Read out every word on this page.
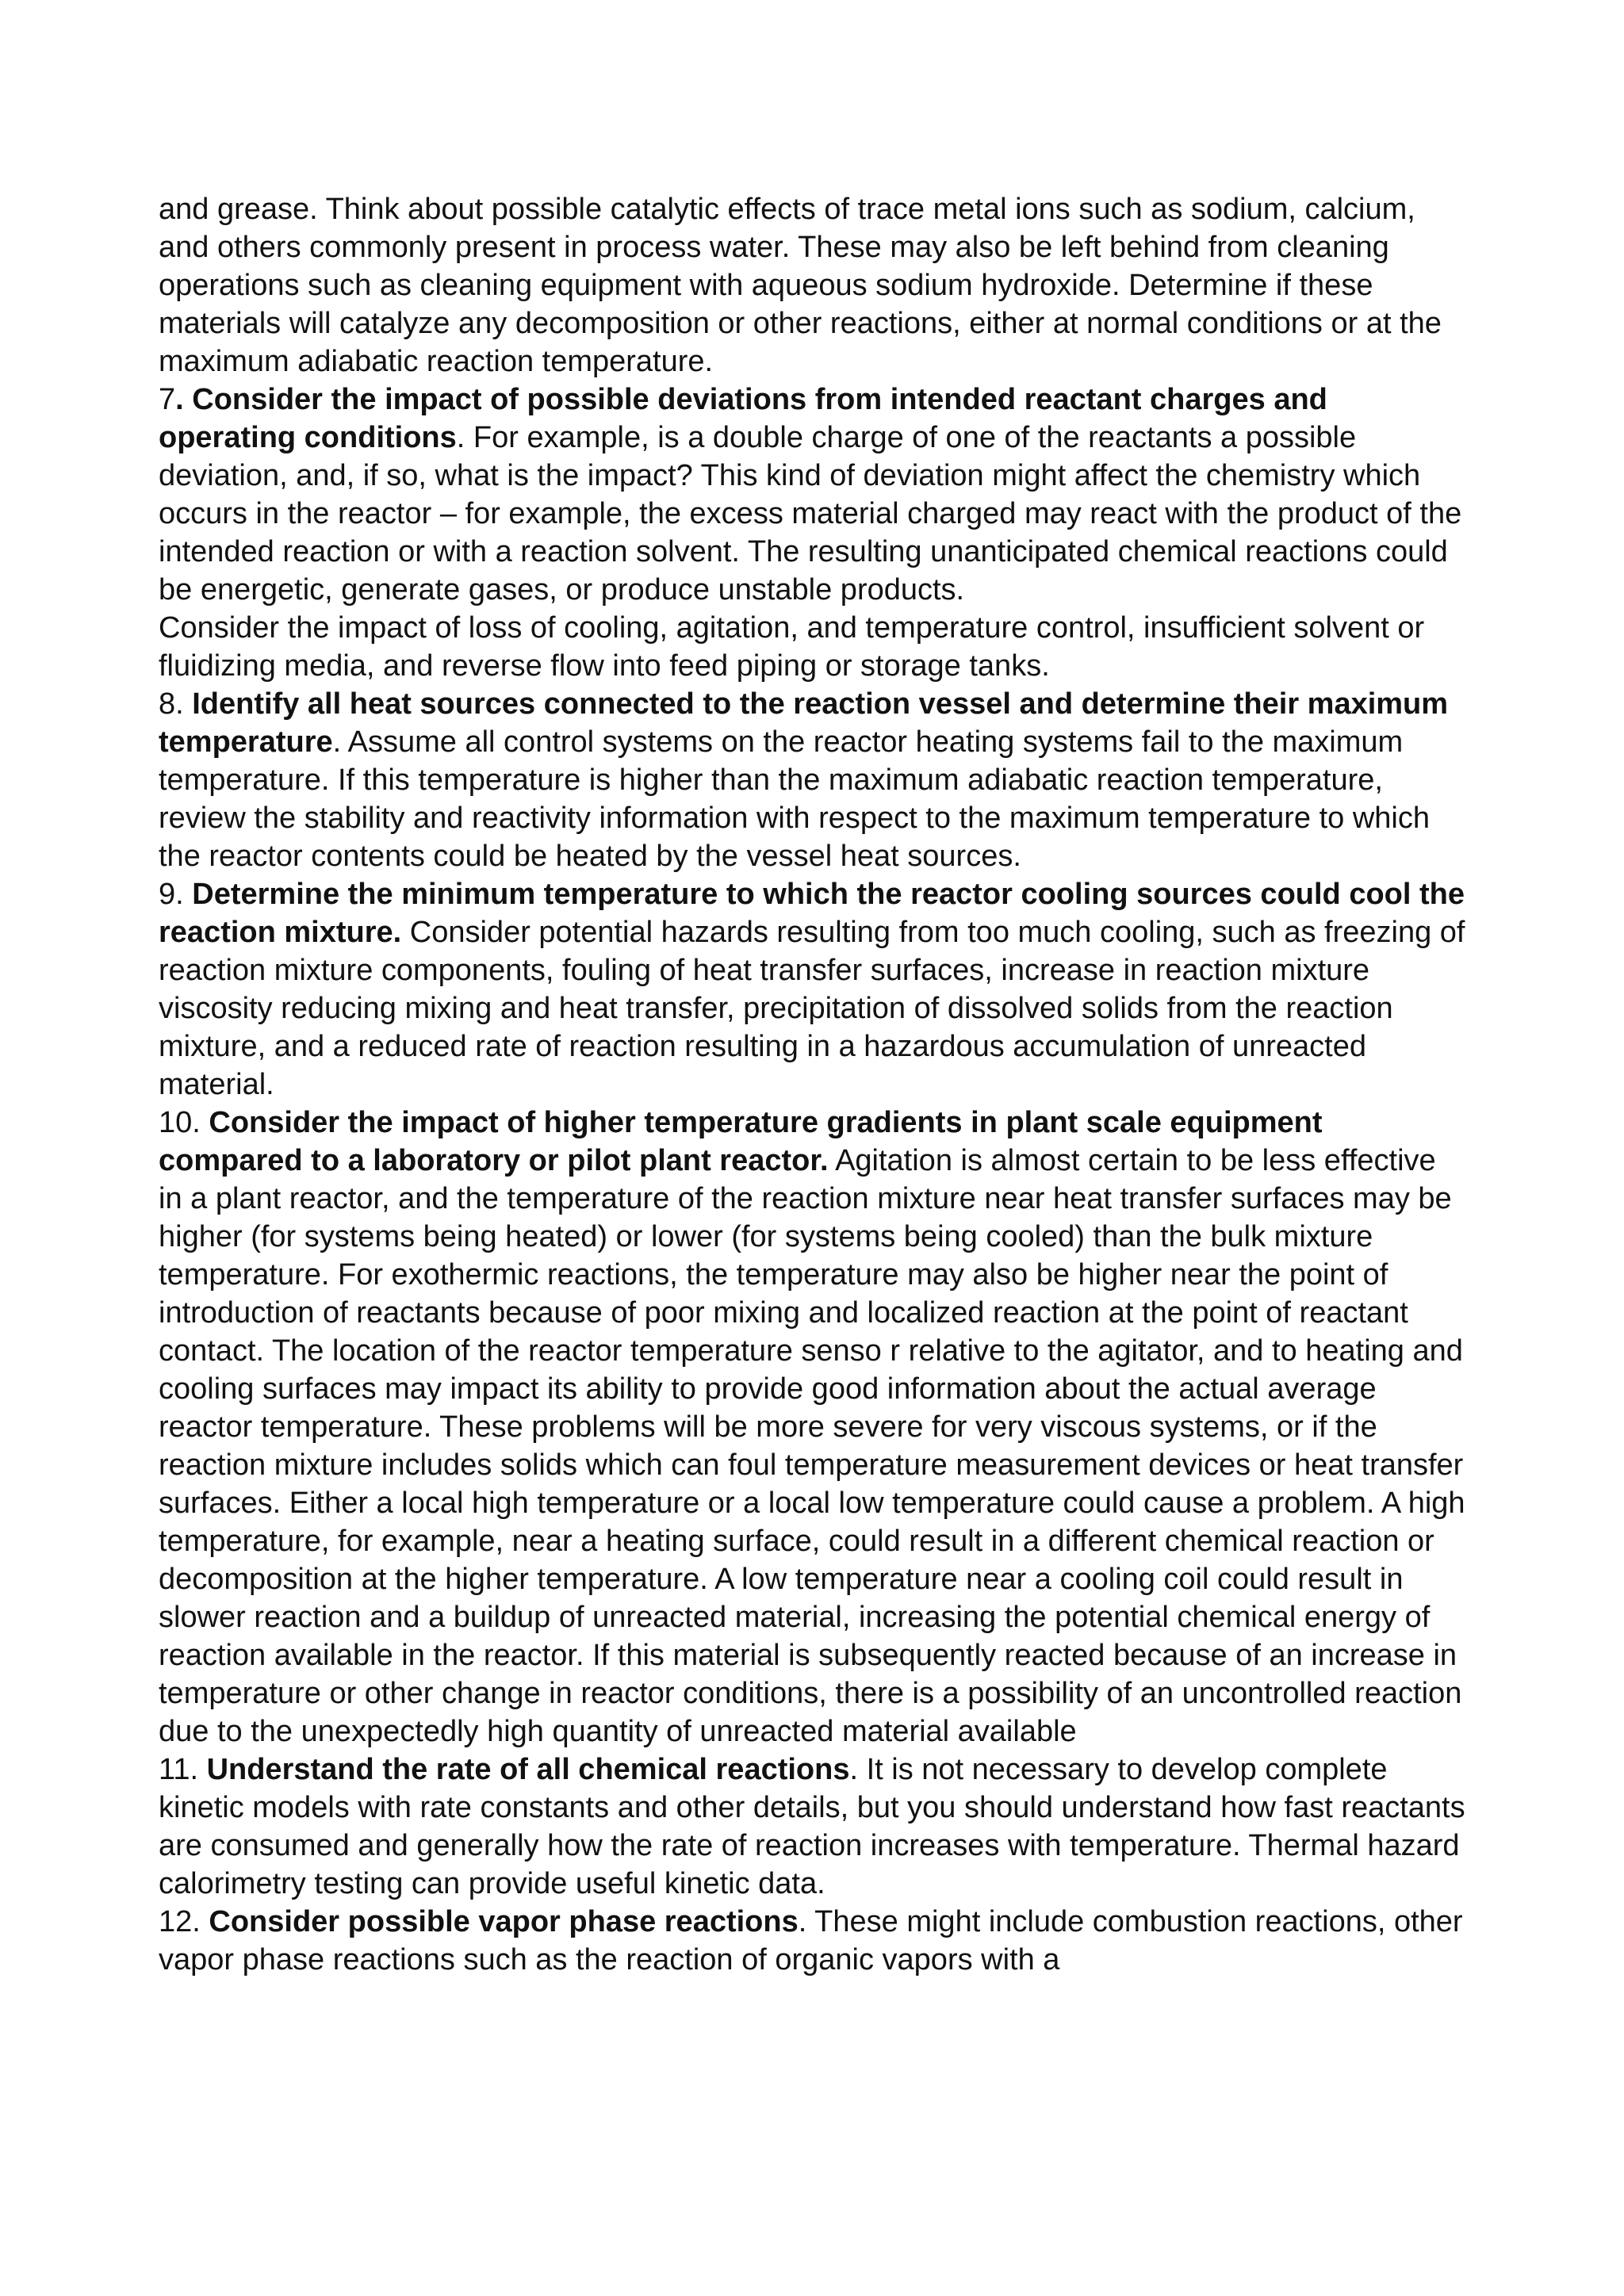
and grease. Think about possible catalytic effects of trace metal ions such as sodium, calcium, and others commonly present in process water. These may also be left behind from cleaning operations such as cleaning equipment with aqueous sodium hydroxide. Determine if these materials will catalyze any decomposition or other reactions, either at normal conditions or at the maximum adiabatic reaction temperature.

7. Consider the impact of possible deviations from intended reactant charges and operating conditions. For example, is a double charge of one of the reactants a possible deviation, and, if so, what is the impact? This kind of deviation might affect the chemistry which occurs in the reactor – for example, the excess material charged may react with the product of the intended reaction or with a reaction solvent. The resulting unanticipated chemical reactions could be energetic, generate gases, or produce unstable products.

Consider the impact of loss of cooling, agitation, and temperature control, insufficient solvent or fluidizing media, and reverse flow into feed piping or storage tanks.

8. Identify all heat sources connected to the reaction vessel and determine their maximum temperature. Assume all control systems on the reactor heating systems fail to the maximum temperature. If this temperature is higher than the maximum adiabatic reaction temperature, review the stability and reactivity information with respect to the maximum temperature to which the reactor contents could be heated by the vessel heat sources.

9. Determine the minimum temperature to which the reactor cooling sources could cool the reaction mixture. Consider potential hazards resulting from too much cooling, such as freezing of reaction mixture components, fouling of heat transfer surfaces, increase in reaction mixture viscosity reducing mixing and heat transfer, precipitation of dissolved solids from the reaction mixture, and a reduced rate of reaction resulting in a hazardous accumulation of unreacted material.

10. Consider the impact of higher temperature gradients in plant scale equipment compared to a laboratory or pilot plant reactor. Agitation is almost certain to be less effective in a plant reactor, and the temperature of the reaction mixture near heat transfer surfaces may be higher (for systems being heated) or lower (for systems being cooled) than the bulk mixture temperature. For exothermic reactions, the temperature may also be higher near the point of introduction of reactants because of poor mixing and localized reaction at the point of reactant contact. The location of the reactor temperature senso r relative to the agitator, and to heating and cooling surfaces may impact its ability to provide good information about the actual average reactor temperature. These problems will be more severe for very viscous systems, or if the reaction mixture includes solids which can foul temperature measurement devices or heat transfer surfaces. Either a local high temperature or a local low temperature could cause a problem. A high temperature, for example, near a heating surface, could result in a different chemical reaction or decomposition at the higher temperature. A low temperature near a cooling coil could result in slower reaction and a buildup of unreacted material, increasing the potential chemical energy of reaction available in the reactor. If this material is subsequently reacted because of an increase in temperature or other change in reactor conditions, there is a possibility of an uncontrolled reaction due to the unexpectedly high quantity of unreacted material available

11. Understand the rate of all chemical reactions. It is not necessary to develop complete kinetic models with rate constants and other details, but you should understand how fast reactants are consumed and generally how the rate of reaction increases with temperature. Thermal hazard calorimetry testing can provide useful kinetic data.

12. Consider possible vapor phase reactions. These might include combustion reactions, other vapor phase reactions such as the reaction of organic vapors with a
